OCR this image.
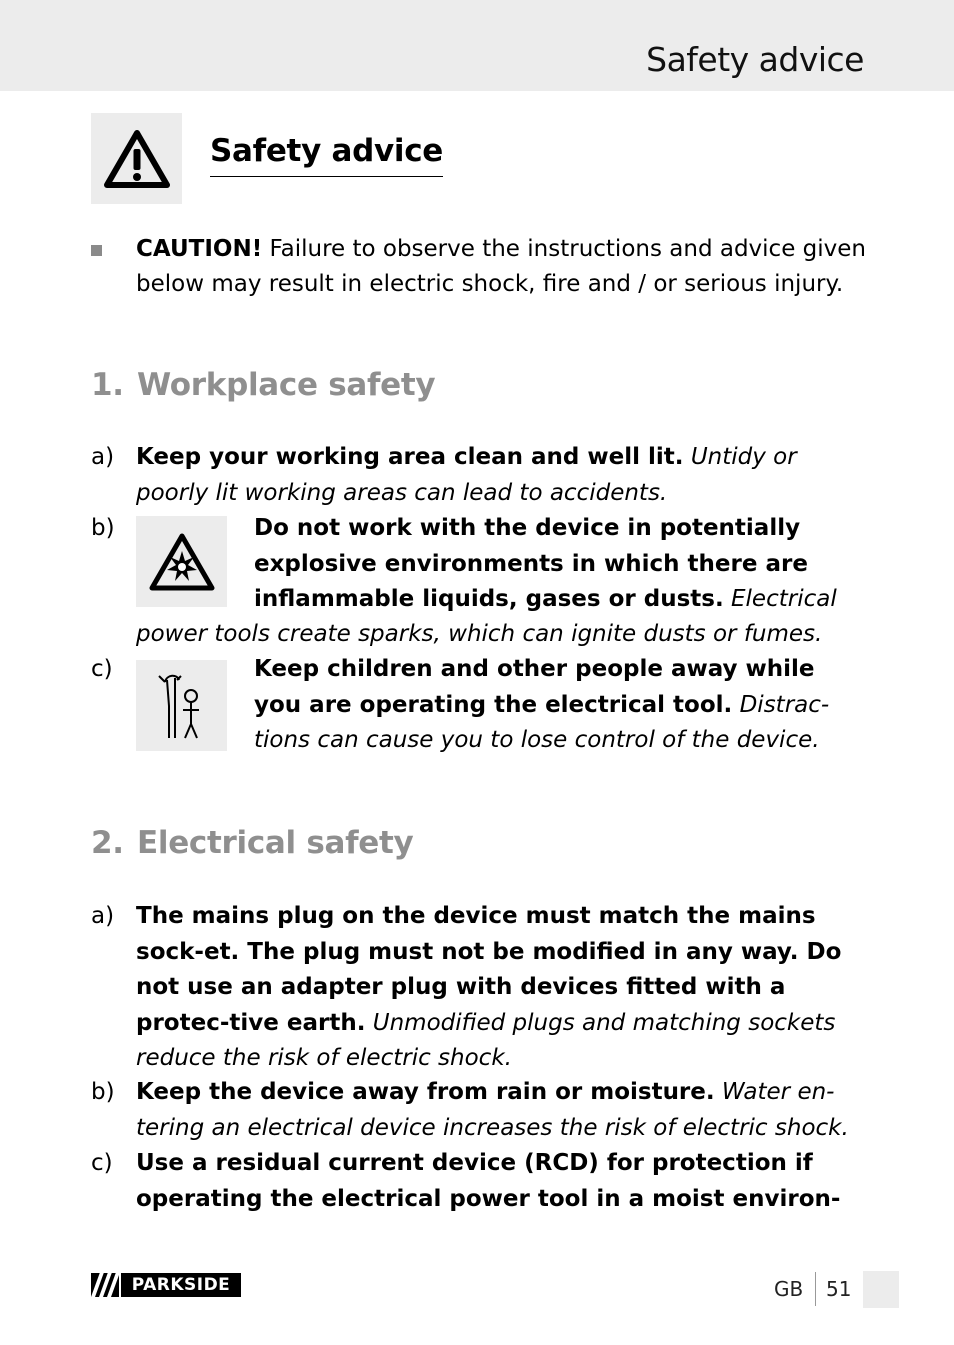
Safety advice
Safety advice
CAUTION! Failure to observe the instructions and advice given below may result in electric shock, fire and / or serious injury.
1. Workplace safety
a) Keep your working area clean and well lit. Untidy or poorly lit working areas can lead to accidents.
b)	Do not work with the device in potentially explosive environments in which there are inflammable liquids, gases or dusts. Electrical
power tools create sparks, which can ignite dusts or fumes.
c)	Keep children and other people away while you are operating the electrical tool. Distrac-
tions can cause you to lose control of the device.
2. Electrical safety
a) The mains plug on the device must match the mains sock-et. The plug must not be modified in any way. Do not use an adapter plug with devices fitted with a protec-tive earth. Unmodified plugs and matching sockets reduce the risk of electric shock.
b) Keep the device away from rain or moisture. Water en-tering an electrical device increases the risk of electric shock.
c) Use a residual current device (RCD) for protection if operating the electrical power tool in a moist environ-
PARKSIDE	GB 51
